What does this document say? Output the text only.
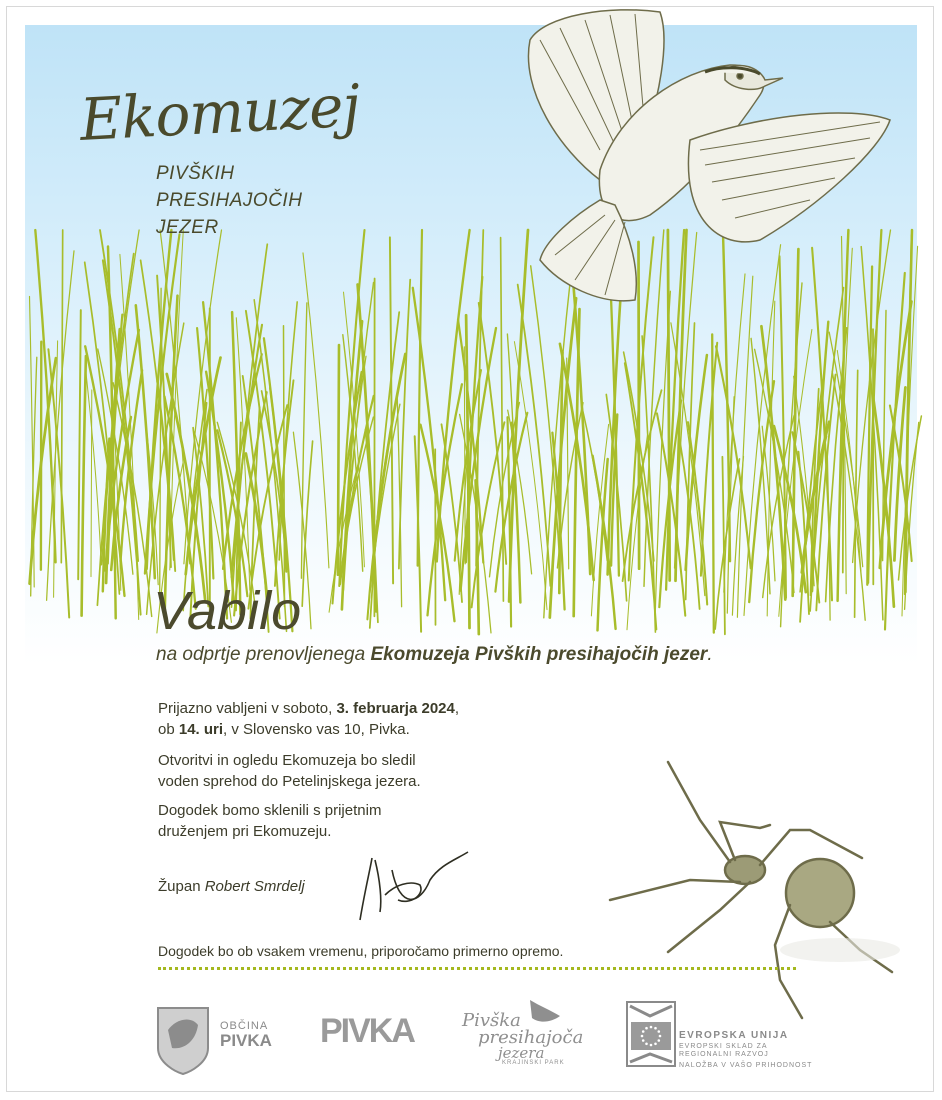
Ekomuzej
PIVŠKIH
PRESIHAJOČIH
JEZER
Vabilo
na odprtje prenovljenega Ekomuzeja Pivških presihajočih jezer.
Prijazno vabljeni v soboto, 3. februarja 2024,
ob 14. uri, v Slovensko vas 10, Pivka.
Otvoritvi in ogledu Ekomuzeja bo sledil
voden sprehod do Petelinjskega jezera.
Dogodek bomo sklenili s prijetnim
druženjem pri Ekomuzeju.
Župan Robert Smrdelj
Dogodek bo ob vsakem vremenu, priporočamo primerno opremo.
OBČINA
PIVKA PIVKA	Pivška
presihajoča
jezera
KRAJINSKI PARK
EVROPSKA UNIJA
EVROPSKI SKLAD ZA
REGIONALNI RAZVOJ
NALOŽBA V VAŠO PRIHODNOST
